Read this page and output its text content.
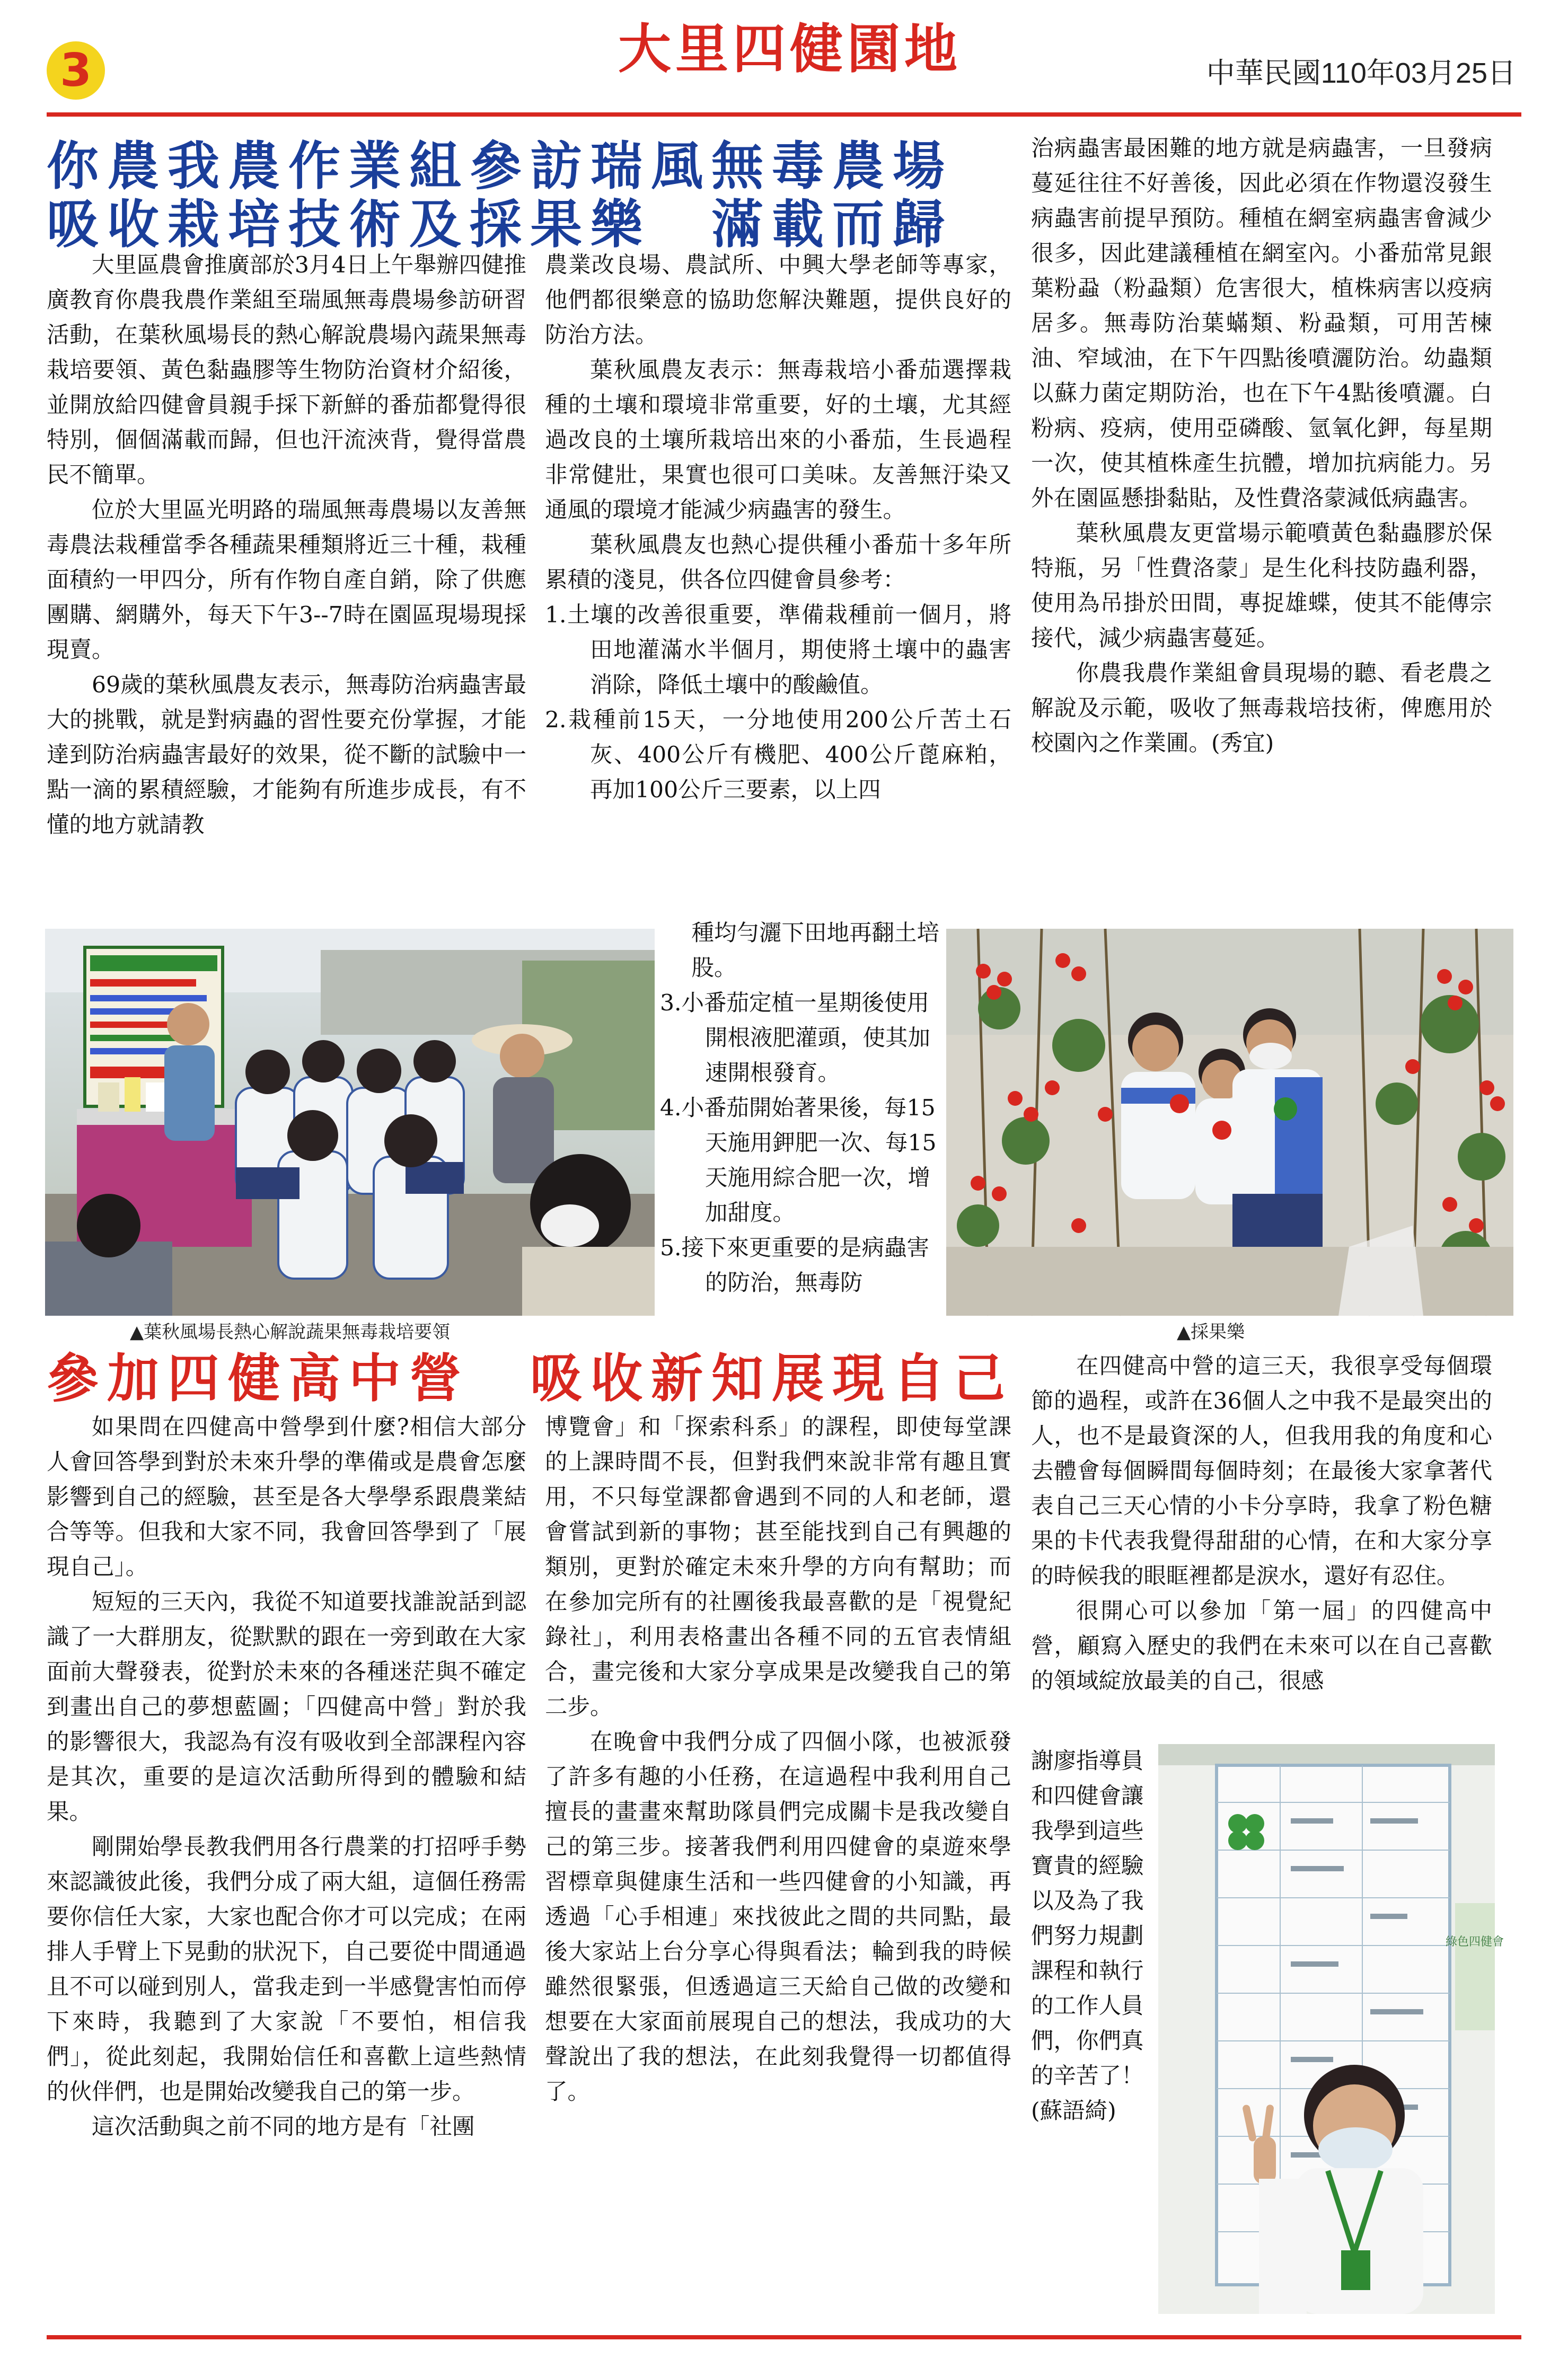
3	大里四健園地	中華民國110年03月25日
你農我農作業組參訪瑞風無毒農場
吸收栽培技術及採果樂　滿載而歸

大里區農會推廣部於3月4日上午舉辦四健推廣教育你農我農作業組至瑞風無毒農場參訪研習活動，在葉秋風場長的熱心解說農場內蔬果無毒栽培要領、黃色黏蟲膠等生物防治資材介紹後，並開放給四健會員親手採下新鮮的番茄都覺得很特別，個個滿載而歸，但也汗流浹背，覺得當農民不簡單。

位於大里區光明路的瑞風無毒農場以友善無毒農法栽種當季各種蔬果種類將近三十種，栽種面積約一甲四分，所有作物自產自銷，除了供應團購、網購外，每天下午3--7時在園區現場現採現賣。

69歲的葉秋風農友表示，無毒防治病蟲害最大的挑戰，就是對病蟲的習性要充份掌握，才能達到防治病蟲害最好的效果，從不斷的試驗中一點一滴的累積經驗，才能夠有所進步成長，有不懂的地方就請教

農業改良場、農試所、中興大學老師等專家，他們都很樂意的協助您解決難題，提供良好的防治方法。

葉秋風農友表示：無毒栽培小番茄選擇栽種的土壤和環境非常重要，好的土壤，尤其經過改良的土壤所栽培出來的小番茄，生長過程非常健壯，果實也很可口美味。友善無汙染又通風的環境才能減少病蟲害的發生。

葉秋風農友也熱心提供種小番茄十多年所累積的淺見，供各位四健會員參考：

1.土壤的改善很重要，準備栽種前一個月，將田地灌滿水半個月，期使將土壤中的蟲害消除，降低土壤中的酸鹼值。
2.栽種前15天，一分地使用200公斤苦土石灰、400公斤有機肥、400公斤蓖麻粕，再加100公斤三要素，以上四
種均勻灑下田地再翻土培股。
3.小番茄定植一星期後使用開根液肥灌頭，使其加速開根發育。
4.小番茄開始著果後，每15天施用鉀肥一次、每15天施用綜合肥一次，增加甜度。
5.接下來更重要的是病蟲害的防治，無毒防

治病蟲害最困難的地方就是病蟲害，一旦發病蔓延往往不好善後，因此必須在作物還沒發生病蟲害前提早預防。種植在網室病蟲害會減少很多，因此建議種植在網室內。小番茄常見銀葉粉蝨（粉蝨類）危害很大，植株病害以疫病居多。無毒防治葉蟎類、粉蝨類，可用苦楝油、窄域油，在下午四點後噴灑防治。幼蟲類以蘇力菌定期防治，也在下午4點後噴灑。白粉病、疫病，使用亞磷酸、氫氧化鉀，每星期一次，使其植株產生抗體，增加抗病能力。另外在園區懸掛黏貼，及性費洛蒙減低病蟲害。

葉秋風農友更當場示範噴黃色黏蟲膠於保特瓶，另「性費洛蒙」是生化科技防蟲利器，使用為吊掛於田間，專捉雄蝶，使其不能傳宗接代，減少病蟲害蔓延。

你農我農作業組會員現場的聽、看老農之解說及示範，吸收了無毒栽培技術，俾應用於校園內之作業圃。(秀宜)

▲葉秋風場長熱心解說蔬果無毒栽培要領	▲採果樂
參加四健高中營　吸收新知展現自己

如果問在四健高中營學到什麼?相信大部分人會回答學到對於未來升學的準備或是農會怎麼影響到自己的經驗，甚至是各大學學系跟農業結合等等。但我和大家不同，我會回答學到了「展現自己」。

短短的三天內，我從不知道要找誰說話到認識了一大群朋友，從默默的跟在一旁到敢在大家面前大聲發表，從對於未來的各種迷茫與不確定到畫出自己的夢想藍圖；「四健高中營」對於我的影響很大，我認為有沒有吸收到全部課程內容是其次，重要的是這次活動所得到的體驗和結果。

剛開始學長教我們用各行農業的打招呼手勢來認識彼此後，我們分成了兩大組，這個任務需要你信任大家，大家也配合你才可以完成；在兩排人手臂上下晃動的狀況下，自己要從中間通過且不可以碰到別人，當我走到一半感覺害怕而停下來時，我聽到了大家說「不要怕，相信我們」，從此刻起，我開始信任和喜歡上這些熱情的伙伴們，也是開始改變我自己的第一步。

這次活動與之前不同的地方是有「社團

博覽會」和「探索科系」的課程，即使每堂課的上課時間不長，但對我們來說非常有趣且實用，不只每堂課都會遇到不同的人和老師，還會嘗試到新的事物；甚至能找到自己有興趣的類別，更對於確定未來升學的方向有幫助；而在參加完所有的社團後我最喜歡的是「視覺紀錄社」，利用表格畫出各種不同的五官表情組合，畫完後和大家分享成果是改變我自己的第二步。

在晚會中我們分成了四個小隊，也被派發了許多有趣的小任務，在這過程中我利用自己擅長的畫畫來幫助隊員們完成關卡是我改變自己的第三步。接著我們利用四健會的桌遊來學習標章與健康生活和一些四健會的小知識，再透過「心手相連」來找彼此之間的共同點，最後大家站上台分享心得與看法；輪到我的時候雖然很緊張，但透過這三天給自己做的改變和想要在大家面前展現自己的想法，我成功的大聲說出了我的想法，在此刻我覺得一切都值得了。

在四健高中營的這三天，我很享受每個環節的過程，或許在36個人之中我不是最突出的人，也不是最資深的人，但我用我的角度和心去體會每個瞬間每個時刻；在最後大家拿著代表自己三天心情的小卡分享時，我拿了粉色糖果的卡代表我覺得甜甜的心情，在和大家分享的時候我的眼眶裡都是淚水，還好有忍住。

很開心可以參加「第一屆」的四健高中營，顧寫入歷史的我們在未來可以在自己喜歡的領域綻放最美的自己，很感

謝廖指導員和四健會讓我學到這些寶貴的經驗以及為了我們努力規劃課程和執行的工作人員們，你們真的辛苦了！(蘇語綺)

綠色四健會
